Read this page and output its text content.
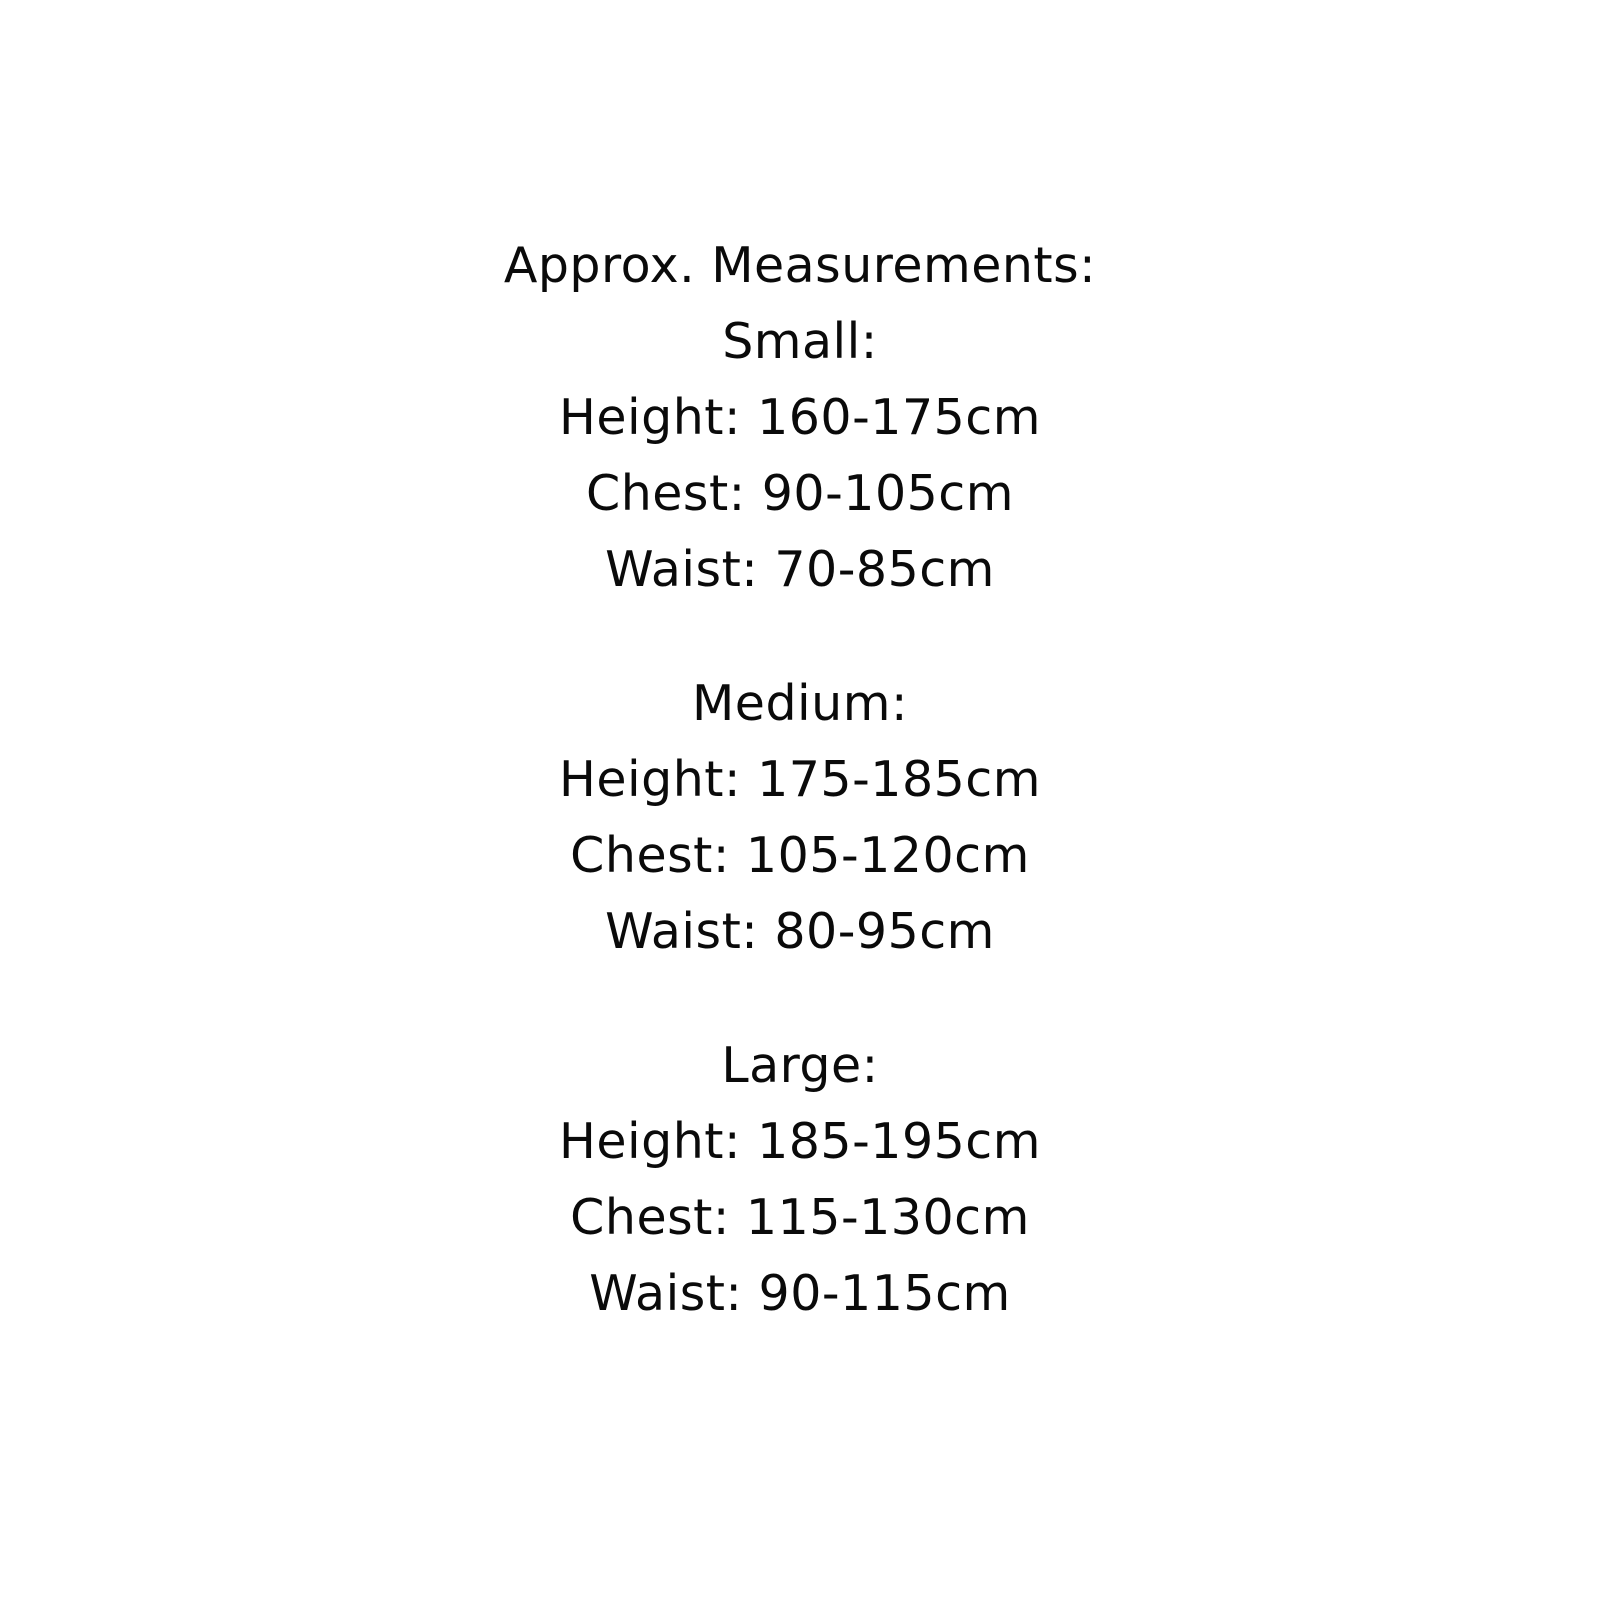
Approx. Measurements:
Small:
Height: 160-175cm
Chest: 90-105cm
Waist: 70-85cm
Medium:
Height: 175-185cm
Chest: 105-120cm
Waist: 80-95cm
Large:
Height: 185-195cm
Chest: 115-130cm
Waist: 90-115cm
